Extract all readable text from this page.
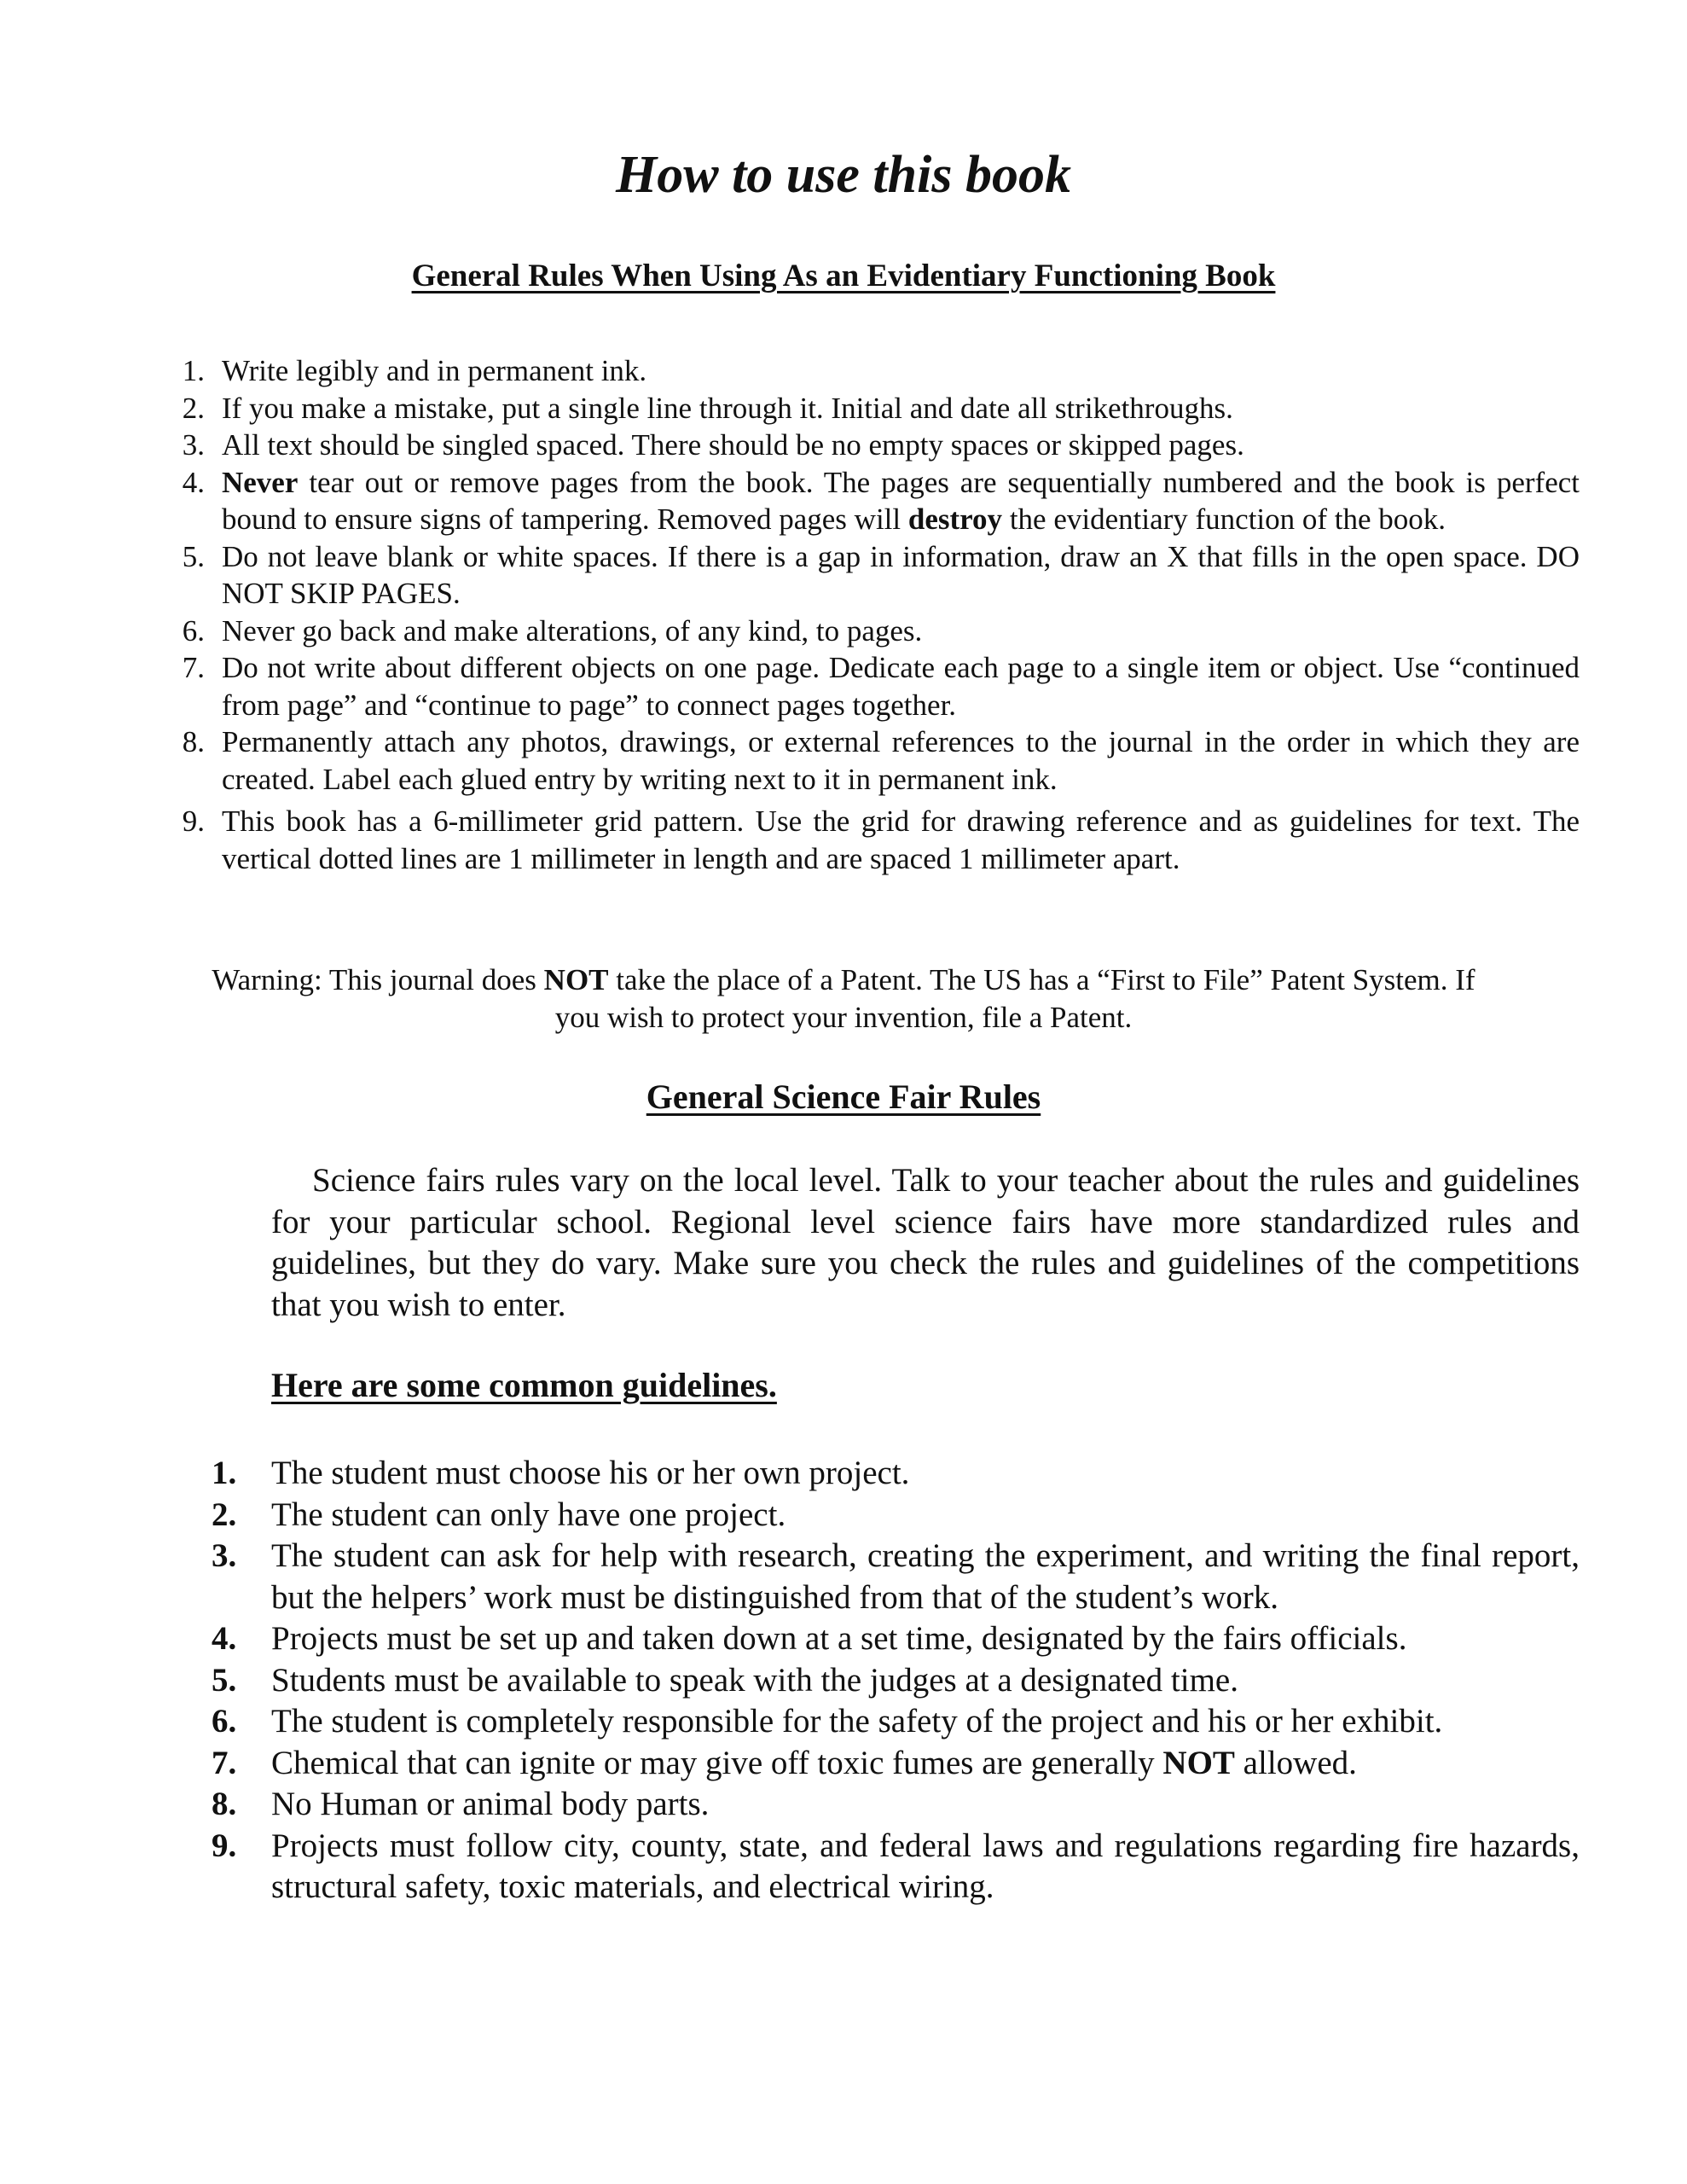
How to use this book
General Rules When Using As an Evidentiary Functioning Book
1. Write legibly and in permanent ink.
2. If you make a mistake, put a single line through it. Initial and date all strikethroughs.
3. All text should be singled spaced. There should be no empty spaces or skipped pages.
4. Never tear out or remove pages from the book. The pages are sequentially numbered and the book is perfect bound to ensure signs of tampering. Removed pages will destroy the evidentiary function of the book.
5. Do not leave blank or white spaces. If there is a gap in information, draw an X that fills in the open space. DO NOT SKIP PAGES.
6. Never go back and make alterations, of any kind, to pages.
7. Do not write about different objects on one page. Dedicate each page to a single item or object. Use “continued from page” and “continue to page” to connect pages together.
8. Permanently attach any photos, drawings, or external references to the journal in the order in which they are created. Label each glued entry by writing next to it in permanent ink.
9. This book has a 6-millimeter grid pattern. Use the grid for drawing reference and as guidelines for text. The vertical dotted lines are 1 millimeter in length and are spaced 1 millimeter apart.

Warning: This journal does NOT take the place of a Patent. The US has a “First to File” Patent System. If you wish to protect your invention, file a Patent.

General Science Fair Rules

Science fairs rules vary on the local level. Talk to your teacher about the rules and guidelines for your particular school. Regional level science fairs have more standardized rules and guidelines, but they do vary. Make sure you check the rules and guidelines of the competitions that you wish to enter.

Here are some common guidelines.
1.	The student must choose his or her own project.
2.	The student can only have one project.
3.	The student can ask for help with research, creating the experiment, and writing the final report, but the helpers’ work must be distinguished from that of the student’s work.
4.	Projects must be set up and taken down at a set time, designated by the fairs officials.
5.	Students must be available to speak with the judges at a designated time.
6.	The student is completely responsible for the safety of the project and his or her exhibit.
7.	Chemical that can ignite or may give off toxic fumes are generally NOT allowed.
8.	No Human or animal body parts.
9.	Projects must follow city, county, state, and federal laws and regulations regarding fire hazards, structural safety, toxic materials, and electrical wiring.
